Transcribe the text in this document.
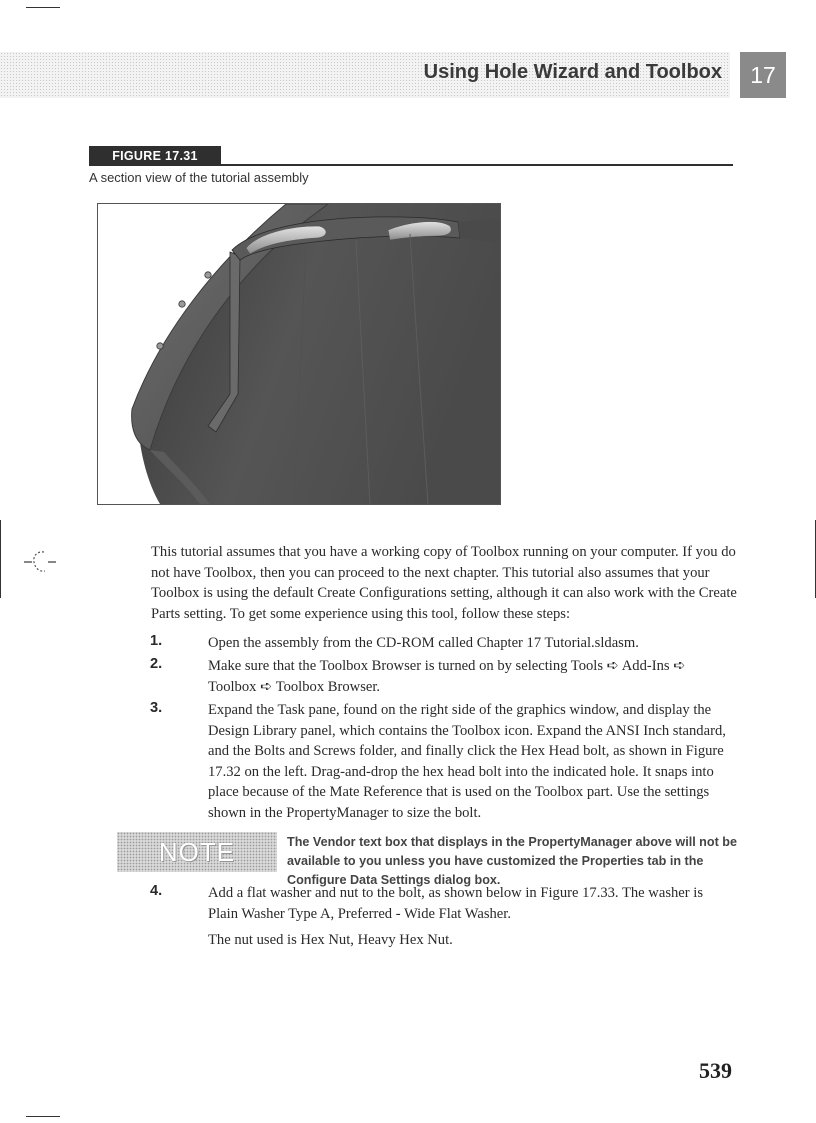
Using Hole Wizard and Toolbox	17
FIGURE 17.31
A section view of the tutorial assembly
This tutorial assumes that you have a working copy of Toolbox running on your computer. If you do not have Toolbox, then you can proceed to the next chapter. This tutorial also assumes that your Toolbox is using the default Create Configurations setting, although it can also work with the Create Parts setting. To get some experience using this tool, follow these steps:
1.	Open the assembly from the CD-ROM called Chapter 17 Tutorial.sldasm.
2.	Make sure that the Toolbox Browser is turned on by selecting Tools ➪ Add-Ins ➪ Toolbox ➪ Toolbox Browser.
3.	Expand the Task pane, found on the right side of the graphics window, and display the Design Library panel, which contains the Toolbox icon. Expand the ANSI Inch standard, and the Bolts and Screws folder, and finally click the Hex Head bolt, as shown in Figure 17.32 on the left. Drag-and-drop the hex head bolt into the indicated hole. It snaps into place because of the Mate Reference that is used on the Toolbox part. Use the settings shown in the PropertyManager to size the bolt.
NOTE	The Vendor text box that displays in the PropertyManager above will not be available to you unless you have customized the Properties tab in the Configure Data Settings dialog box.
4.	Add a flat washer and nut to the bolt, as shown below in Figure 17.33. The washer is Plain Washer Type A, Preferred - Wide Flat Washer.
The nut used is Hex Nut, Heavy Hex Nut.
539
